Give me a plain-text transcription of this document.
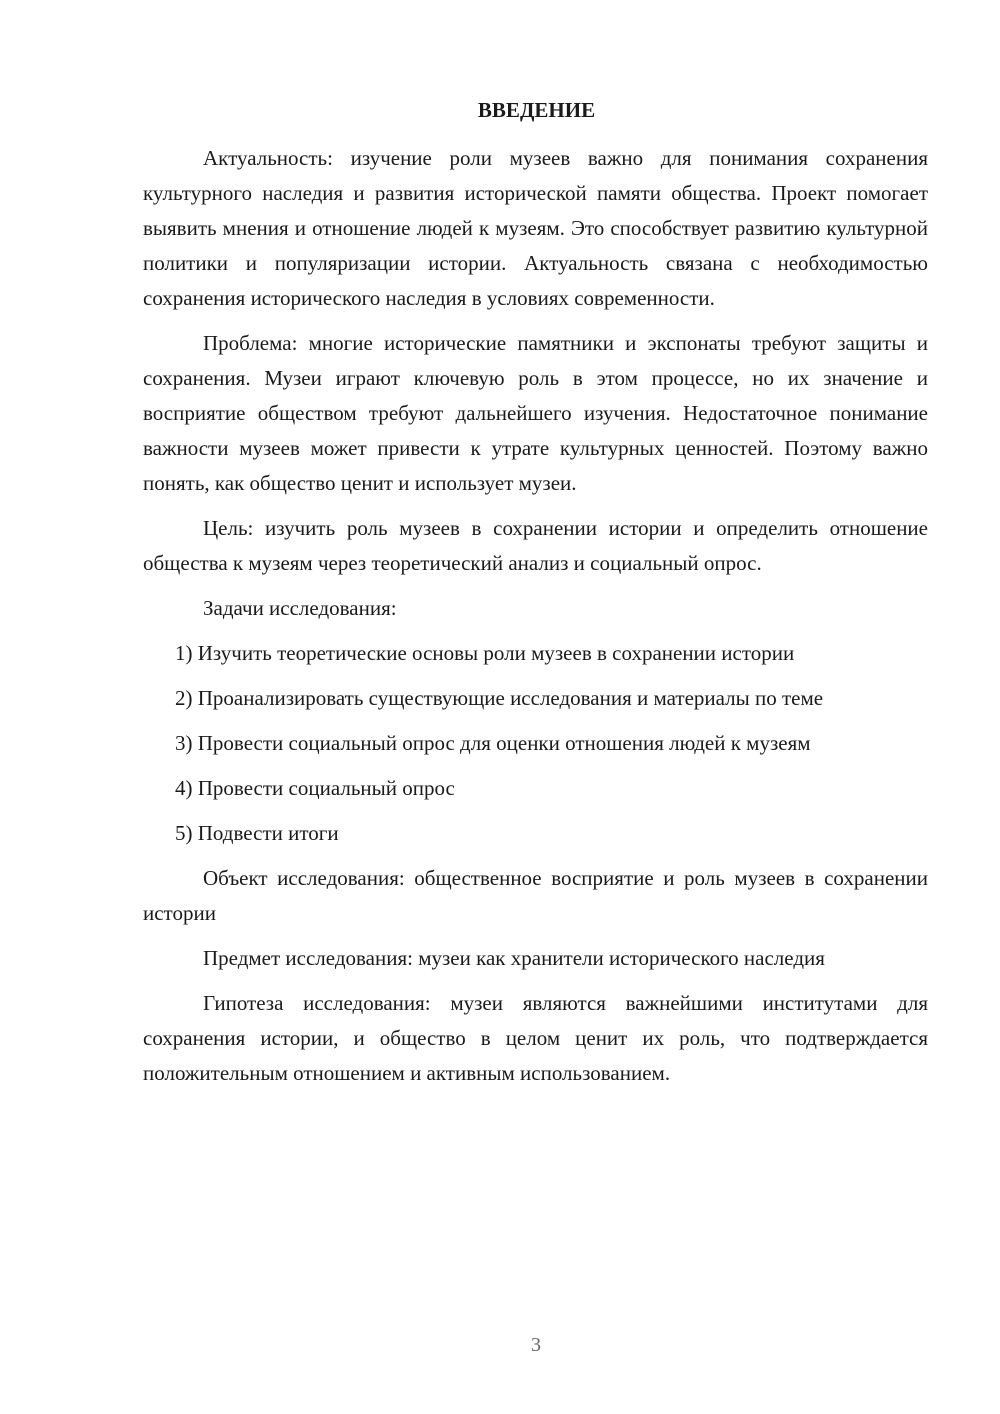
ВВЕДЕНИЕ

Актуальность: изучение роли музеев важно для понимания сохранения культурного наследия и развития исторической памяти общества. Проект помогает выявить мнения и отношение людей к музеям. Это способствует развитию культурной политики и популяризации истории. Актуальность связана с необходимостью сохранения исторического наследия в условиях современности.

Проблема: многие исторические памятники и экспонаты требуют защиты и сохранения. Музеи играют ключевую роль в этом процессе, но их значение и восприятие обществом требуют дальнейшего изучения. Недостаточное понимание важности музеев может привести к утрате культурных ценностей. Поэтому важно понять, как общество ценит и использует музеи.

Цель: изучить роль музеев в сохранении истории и определить отношение общества к музеям через теоретический анализ и социальный опрос.

Задачи исследования:

1) Изучить теоретические основы роли музеев в сохранении истории

2) Проанализировать существующие исследования и материалы по теме

3) Провести социальный опрос для оценки отношения людей к музеям

4) Провести социальный опрос

5) Подвести итоги

Объект исследования: общественное восприятие и роль музеев в сохранении истории

Предмет исследования: музеи как хранители исторического наследия

Гипотеза исследования: музеи являются важнейшими институтами для сохранения истории, и общество в целом ценит их роль, что подтверждается положительным отношением и активным использованием.

3
